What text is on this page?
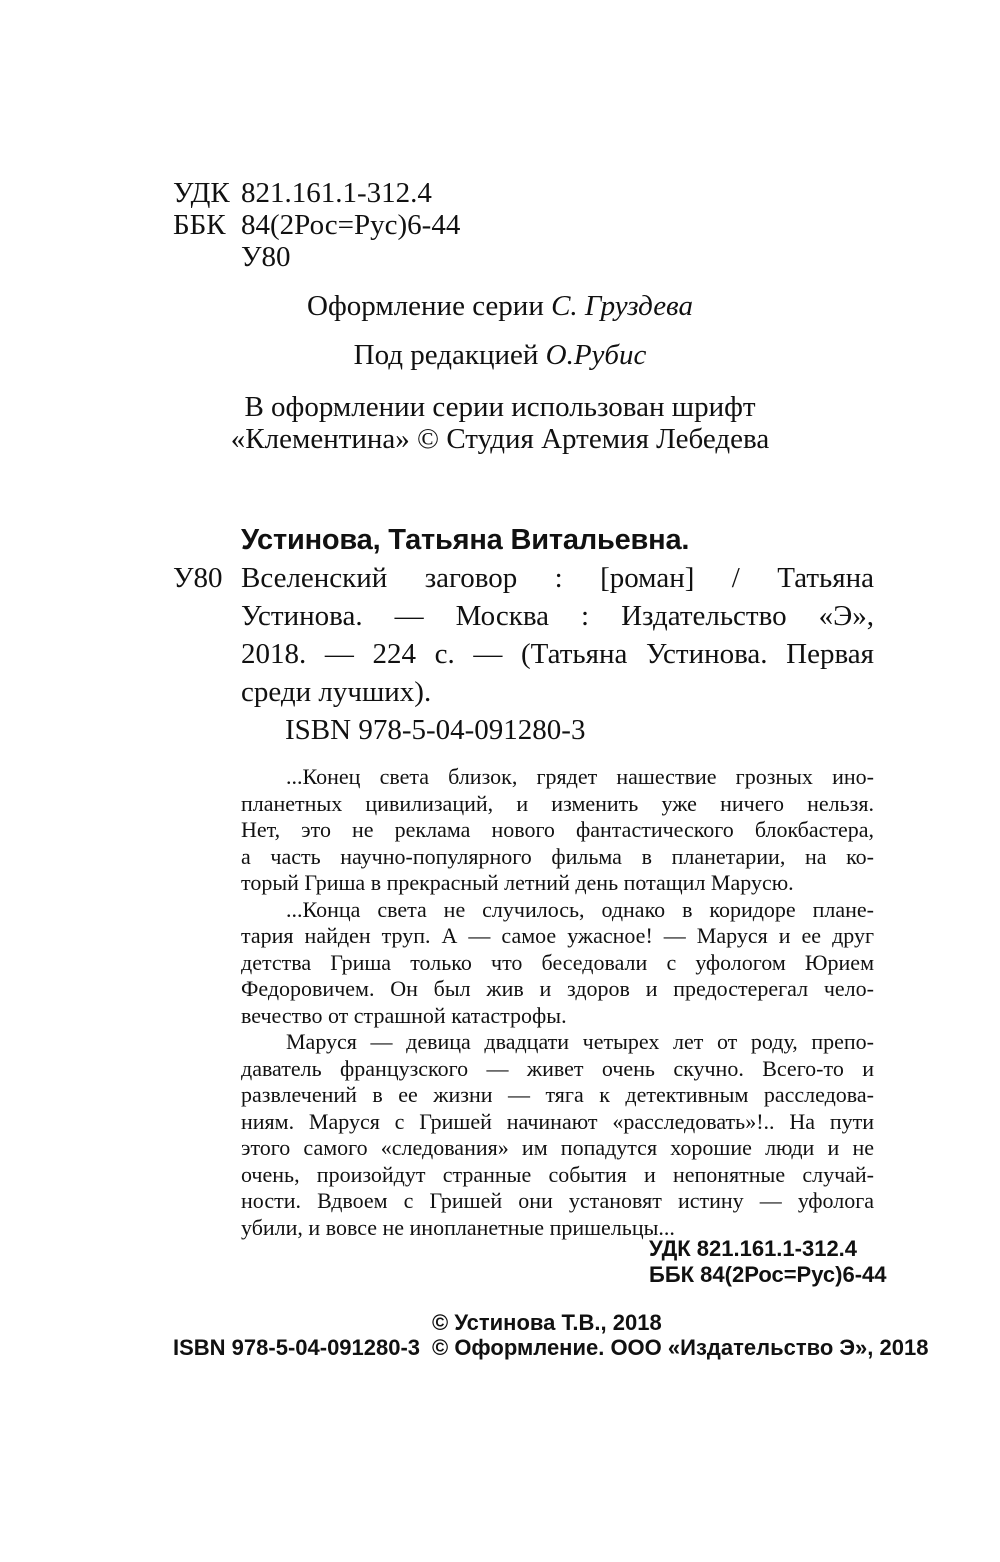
УДК 821.161.1-312.4
ББК 84(2Рос=Рус)6-44
У80
Оформление серии С. Груздева
Под редакцией О.Рубис
В оформлении серии использован шрифт
«Клементина» © Студия Артемия Лебедева
Устинова, Татьяна Витальевна.
У80 Вселенский заговор : [роман] / Татьяна
Устинова. — Москва : Издательство «Э»,
2018. — 224 с. — (Татьяна Устинова. Первая
среди лучших).
ISBN 978-5-04-091280-3
...Конец света близок, грядет нашествие грозных ино-
планетных цивилизаций, и изменить уже ничего нельзя.
Нет, это не реклама нового фантастического блокбастера,
а часть научно-популярного фильма в планетарии, на ко-
торый Гриша в прекрасный летний день потащил Марусю.
...Конца света не случилось, однако в коридоре плане-
тария найден труп. А — самое ужасное! — Маруся и ее друг
детства Гриша только что беседовали с уфологом Юрием
Федоровичем. Он был жив и здоров и предостерегал чело-
вечество от страшной катастрофы.
Маруся — девица двадцати четырех лет от роду, препо-
даватель французского — живет очень скучно. Всего-то и
развлечений в ее жизни — тяга к детективным расследова-
ниям. Маруся с Гришей начинают «расследовать»!.. На пути
этого самого «следования» им попадутся хорошие люди и не
очень, произойдут странные события и непонятные случай-
ности. Вдвоем с Гришей они установят истину — уфолога
убили, и вовсе не инопланетные пришельцы...
УДК 821.161.1-312.4
ББК 84(2Рос=Рус)6-44
© Устинова Т.В., 2018
ISBN 978-5-04-091280-3 © Оформление. ООО «Издательство Э», 2018
